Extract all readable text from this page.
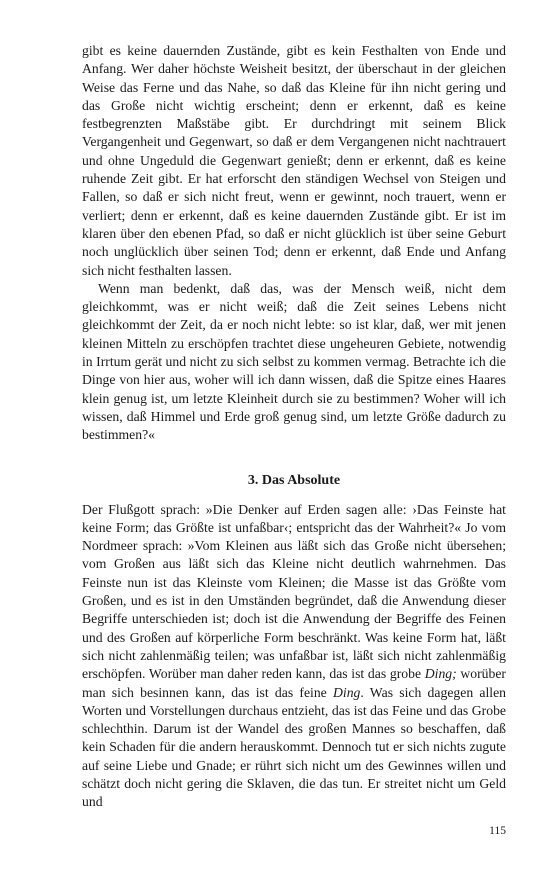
gibt es keine dauernden Zustände, gibt es kein Festhalten von Ende und Anfang. Wer daher höchste Weisheit besitzt, der überschaut in der gleichen Weise das Ferne und das Nahe, so daß das Kleine für ihn nicht gering und das Große nicht wichtig erscheint; denn er erkennt, daß es keine festbegrenzten Maßstäbe gibt. Er durchdringt mit seinem Blick Vergangenheit und Gegenwart, so daß er dem Vergangenen nicht nachtrauert und ohne Ungeduld die Gegenwart genießt; denn er erkennt, daß es keine ruhende Zeit gibt. Er hat erforscht den ständigen Wechsel von Steigen und Fallen, so daß er sich nicht freut, wenn er gewinnt, noch trauert, wenn er verliert; denn er erkennt, daß es keine dauernden Zustände gibt. Er ist im klaren über den ebenen Pfad, so daß er nicht glücklich ist über seine Geburt noch unglücklich über seinen Tod; denn er erkennt, daß Ende und Anfang sich nicht festhalten lassen.

Wenn man bedenkt, daß das, was der Mensch weiß, nicht dem gleichkommt, was er nicht weiß; daß die Zeit seines Lebens nicht gleichkommt der Zeit, da er noch nicht lebte: so ist klar, daß, wer mit jenen kleinen Mitteln zu erschöpfen trachtet diese ungeheuren Gebiete, notwendig in Irrtum gerät und nicht zu sich selbst zu kommen vermag. Betrachte ich die Dinge von hier aus, woher will ich dann wissen, daß die Spitze eines Haares klein genug ist, um letzte Kleinheit durch sie zu bestimmen? Woher will ich wissen, daß Himmel und Erde groß genug sind, um letzte Größe dadurch zu bestimmen?«

3. Das Absolute

Der Flußgott sprach: »Die Denker auf Erden sagen alle: ›Das Feinste hat keine Form; das Größte ist unfaßbar‹; entspricht das der Wahrheit?« Jo vom Nordmeer sprach: »Vom Kleinen aus läßt sich das Große nicht übersehen; vom Großen aus läßt sich das Kleine nicht deutlich wahrnehmen. Das Feinste nun ist das Kleinste vom Kleinen; die Masse ist das Größte vom Großen, und es ist in den Umständen begründet, daß die Anwendung dieser Begriffe unterschieden ist; doch ist die Anwendung der Begriffe des Feinen und des Großen auf körperliche Form beschränkt. Was keine Form hat, läßt sich nicht zahlenmäßig teilen; was unfaßbar ist, läßt sich nicht zahlenmäßig erschöpfen. Worüber man daher reden kann, das ist das grobe Ding; worüber man sich besinnen kann, das ist das feine Ding. Was sich dagegen allen Worten und Vorstellungen durchaus entzieht, das ist das Feine und das Grobe schlechthin. Darum ist der Wandel des großen Mannes so beschaffen, daß kein Schaden für die andern herauskommt. Dennoch tut er sich nichts zugute auf seine Liebe und Gnade; er rührt sich nicht um des Gewinnes willen und schätzt doch nicht gering die Sklaven, die das tun. Er streitet nicht um Geld und

115
